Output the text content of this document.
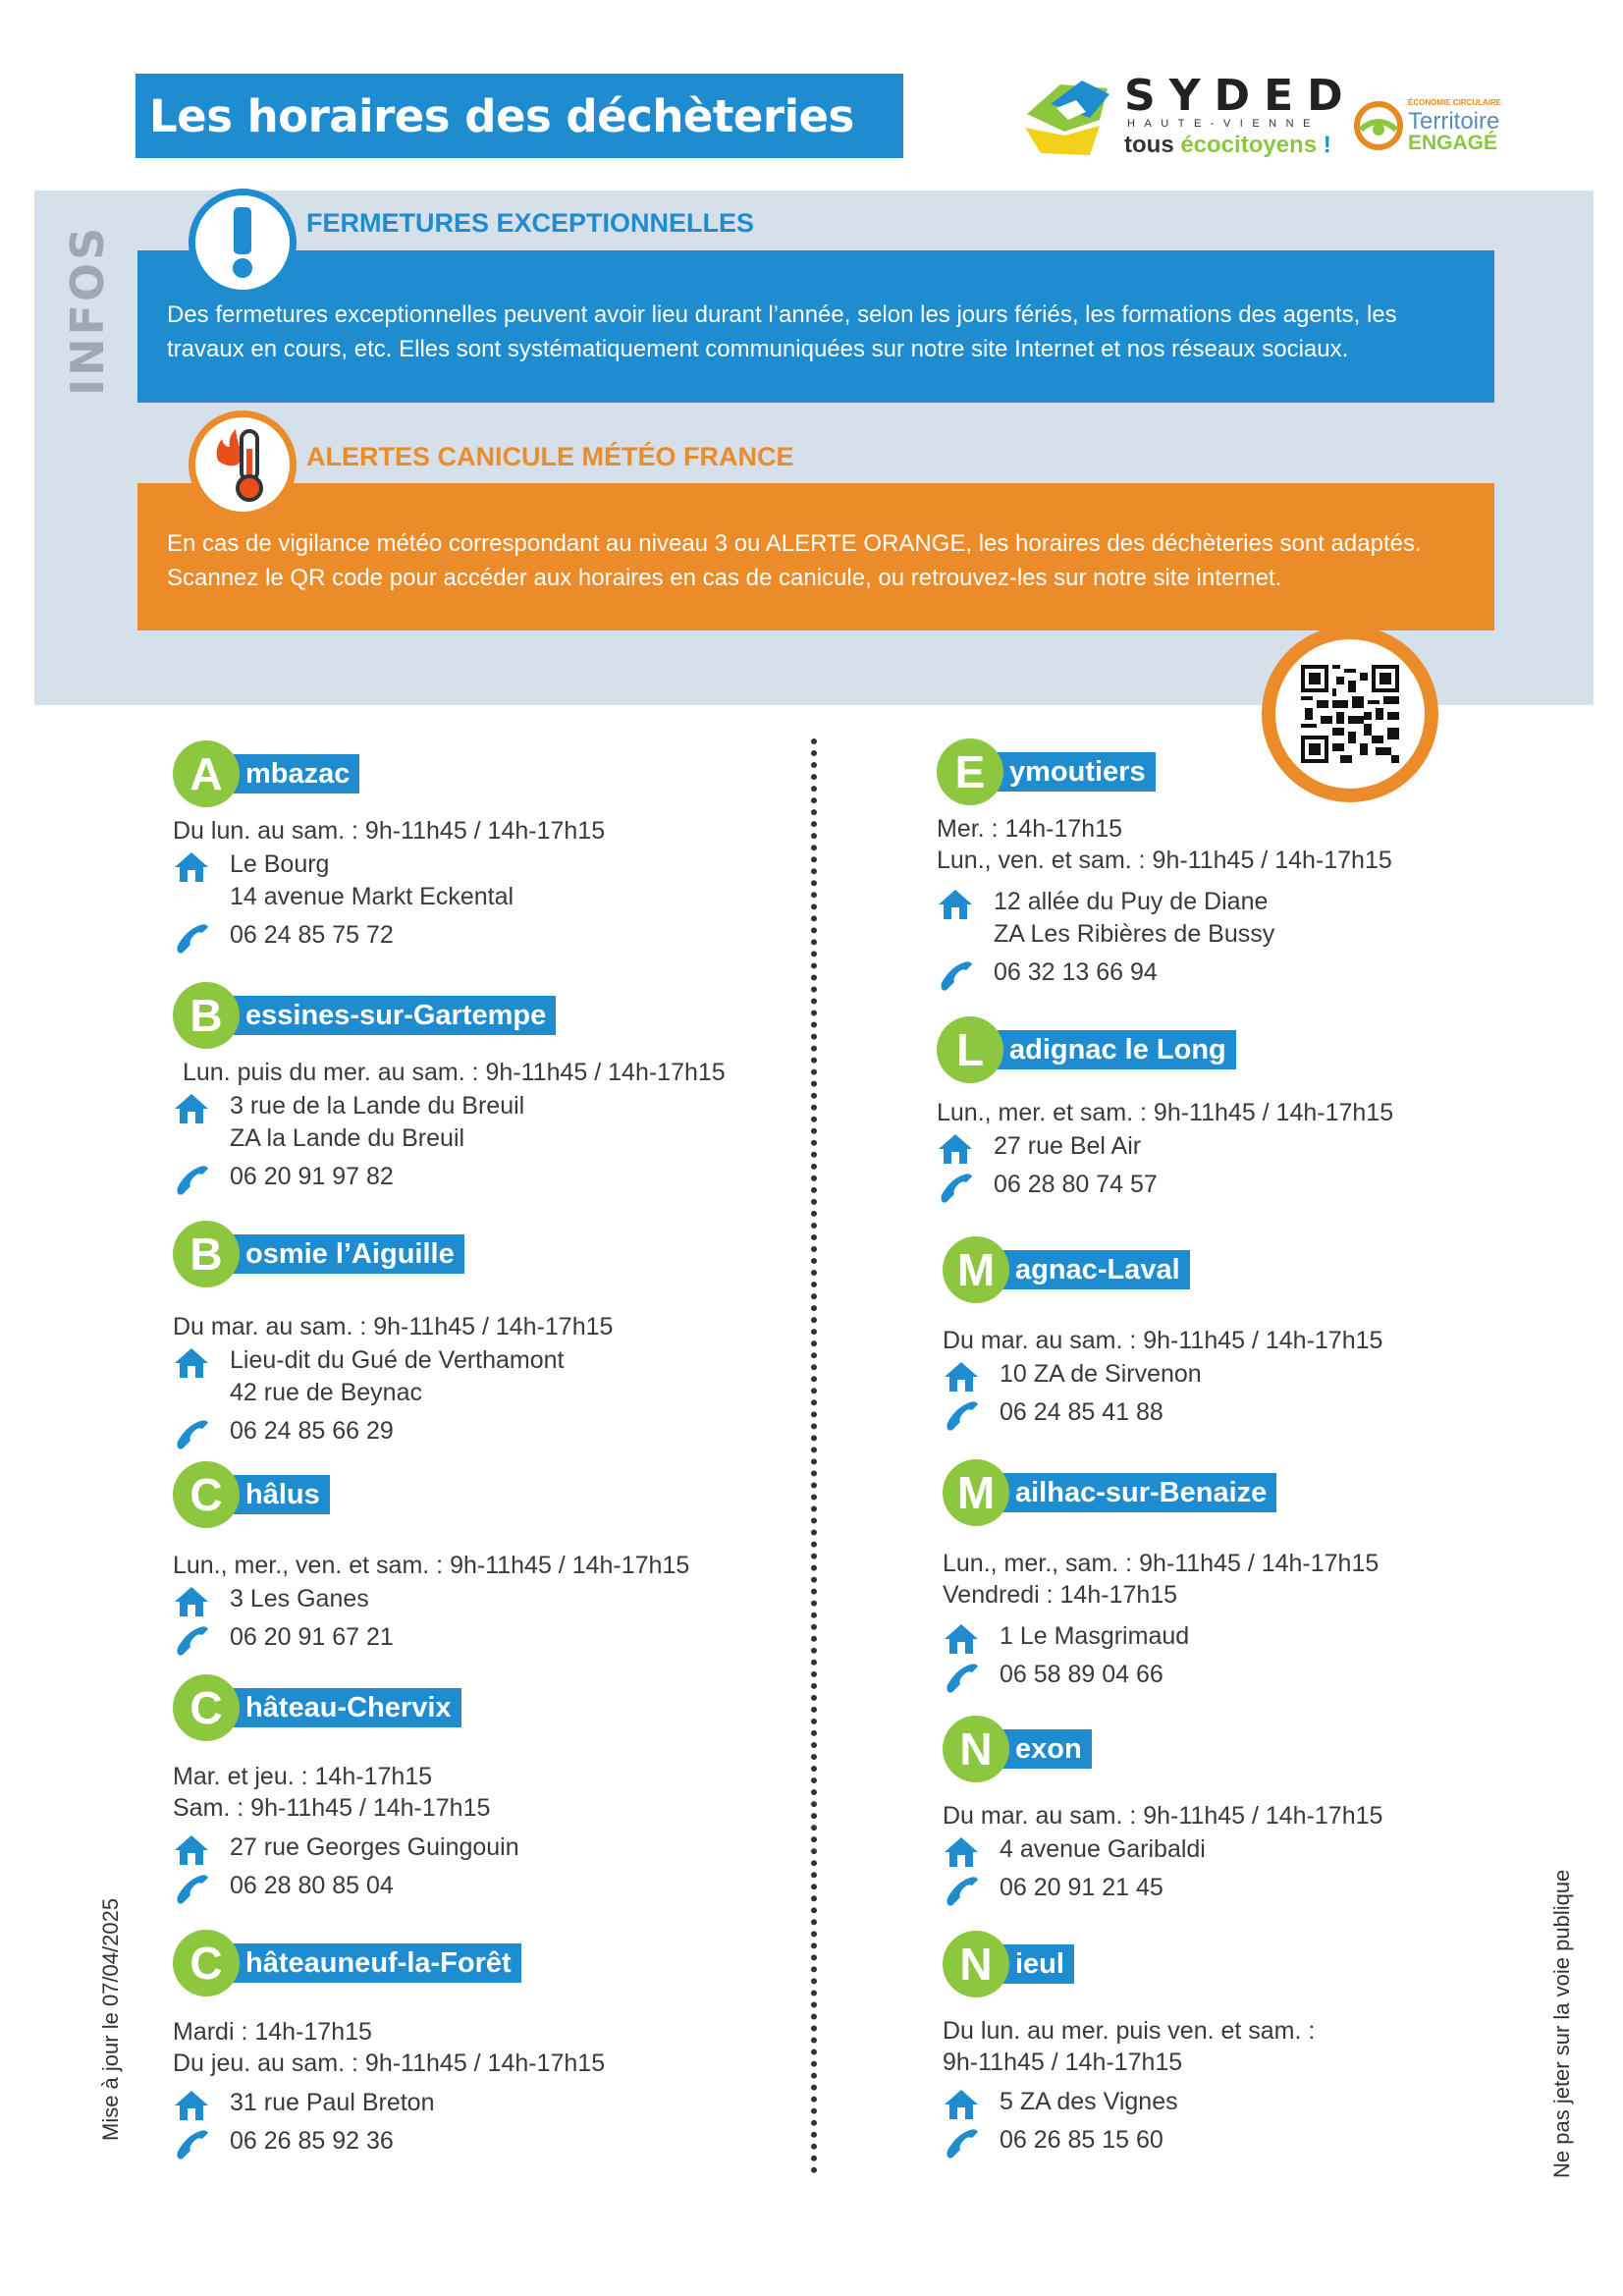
Les horaires des déchèteries	SYDED
HAUTE-VIENNE
tous écocitoyens !
ÉCONOMIE CIRCULAIRE
Territoire
ENGAGÉ
INFOS Des fermetures exceptionnelles peuvent avoir lieu durant l’année, selon les jours fériés, les formations des agents, les
travaux en cours, etc. Elles sont systématiquement communiquées sur notre site Internet et nos réseaux sociaux.
FERMETURES EXCEPTIONNELLES
En cas de vigilance météo correspondant au niveau 3 ou ALERTE ORANGE, les horaires des déchèteries sont adaptés.
Scannez le QR code pour accéder aux horaires en cas de canicule, ou retrouvez-les sur notre site internet.
ALERTES CANICULE MÉTÉO FRANCE
A mbazac
Du lun. au sam. : 9h-11h45 / 14h-17h15
Le Bourg
14 avenue Markt Eckental
06 24 85 75 72
B essines-sur-Gartempe
Lun. puis du mer. au sam. : 9h-11h45 / 14h-17h15
3 rue de la Lande du Breuil
ZA la Lande du Breuil
06 20 91 97 82
B osmie l’Aiguille
Du mar. au sam. : 9h-11h45 / 14h-17h15
Lieu-dit du Gué de Verthamont
42 rue de Beynac
06 24 85 66 29
C hâlus
Lun., mer., ven. et sam. : 9h-11h45 / 14h-17h15
3 Les Ganes
06 20 91 67 21
C hâteau-Chervix
Mar. et jeu. : 14h-17h15
Sam. : 9h-11h45 / 14h-17h15
27 rue Georges Guingouin
06 28 80 85 04
C hâteauneuf-la-Forêt
Mardi : 14h-17h15
Du jeu. au sam. : 9h-11h45 / 14h-17h15
31 rue Paul Breton
06 26 85 92 36
E ymoutiers
Mer. : 14h-17h15
Lun., ven. et sam. : 9h-11h45 / 14h-17h15
12 allée du Puy de Diane
ZA Les Ribières de Bussy
06 32 13 66 94
L adignac le Long
Lun., mer. et sam. : 9h-11h45 / 14h-17h15
27 rue Bel Air
06 28 80 74 57
M agnac-Laval
Du mar. au sam. : 9h-11h45 / 14h-17h15
10 ZA de Sirvenon
06 24 85 41 88
M ailhac-sur-Benaize
Lun., mer., sam. : 9h-11h45 / 14h-17h15
Vendredi : 14h-17h15
1 Le Masgrimaud
06 58 89 04 66
N exon
Du mar. au sam. : 9h-11h45 / 14h-17h15
4 avenue Garibaldi
06 20 91 21 45
N ieul
Du lun. au mer. puis ven. et sam. :
9h-11h45 / 14h-17h15
5 ZA des Vignes
06 26 85 15 60
Mise à jour le 07/04/2025	Ne pas jeter sur la voie publique
